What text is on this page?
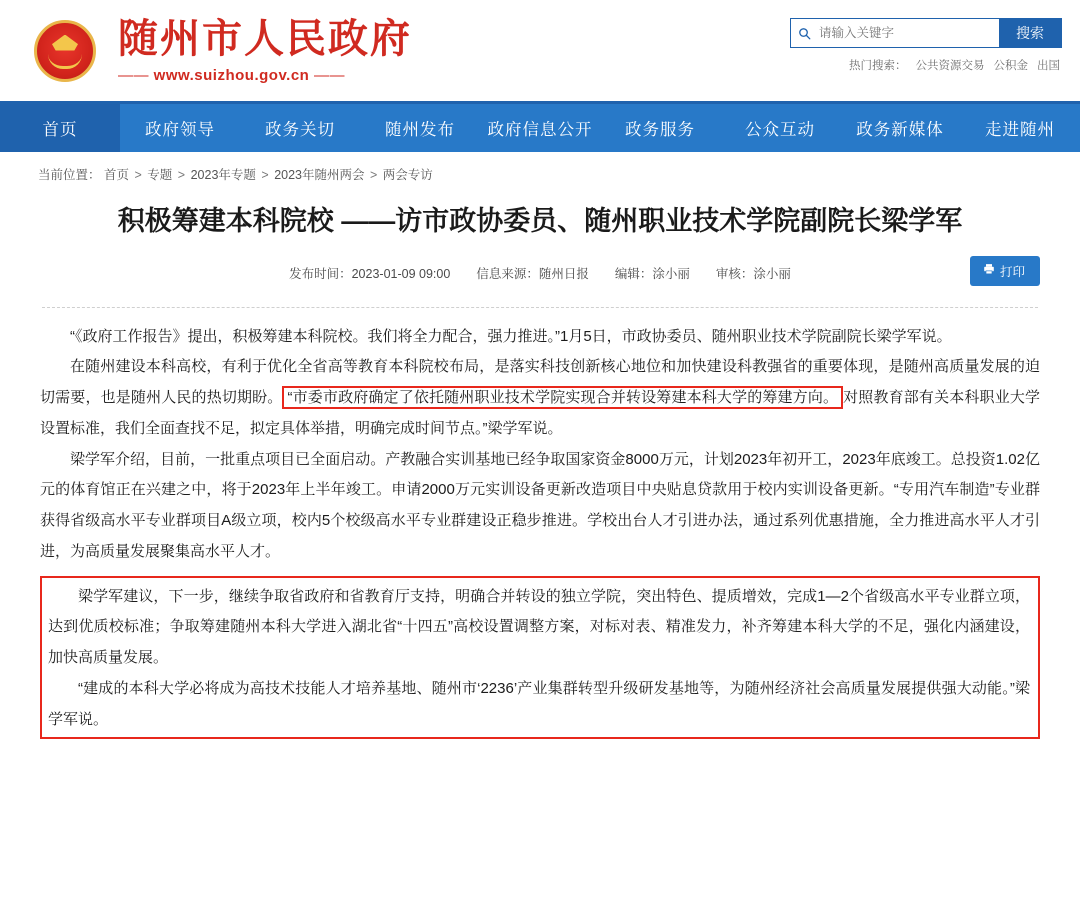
随州市人民政府
—— www.suizhou.gov.cn ——
请输入关键字
搜索
热门搜索： 公共资源交易 公积金 出国
首页	政府领导	政务关切	随州发布	政府信息公开	政务服务	公众互动	政务新媒体	走进随州
当前位置： 首页 > 专题 > 2023年专题 > 2023年随州两会 > 两会专访
积极筹建本科院校 ——访市政协委员、随州职业技术学院副院长梁学军
发布时间：2023-01-09 09:00 信息来源：随州日报 编辑：涂小丽 审核：涂小丽	打印

“《政府工作报告》提出，积极筹建本科院校。我们将全力配合，强力推进。”1月5日，市政协委员、随州职业技术学院副院长梁学军说。

在随州建设本科高校，有利于优化全省高等教育本科院校布局，是落实科技创新核心地位和加快建设科教强省的重要体现，是随州高质量发展的迫切需要，也是随州人民的热切期盼。 “市委市政府确定了依托随州职业技术学院实现合并转设筹建本科大学的筹建方向。 对照教育部有关本科职业大学设置标准，我们全面查找不足，拟定具体举措，明确完成时间节点。”梁学军说。

梁学军介绍，目前，一批重点项目已全面启动。产教融合实训基地已经争取国家资金8000万元，计划2023年初开工，2023年底竣工。总投资1.02亿元的体育馆正在兴建之中，将于2023年上半年竣工。申请2000万元实训设备更新改造项目中央贴息贷款用于校内实训设备更新。“专用汽车制造”专业群获得省级高水平专业群项目A级立项，校内5个校级高水平专业群建设正稳步推进。学校出台人才引进办法，通过系列优惠措施，全力推进高水平人才引进，为高质量发展聚集高水平人才。

梁学军建议，下一步，继续争取省政府和省教育厅支持，明确合并转设的独立学院，突出特色、提质增效，完成1—2个省级高水平专业群立项，达到优质校标准；争取筹建随州本科大学进入湖北省“十四五”高校设置调整方案，对标对表、精准发力，补齐筹建本科大学的不足，强化内涵建设，加快高质量发展。

“建成的本科大学必将成为高技术技能人才培养基地、随州市‘2236’产业集群转型升级研发基地等，为随州经济社会高质量发展提供强大动能。”梁学军说。
